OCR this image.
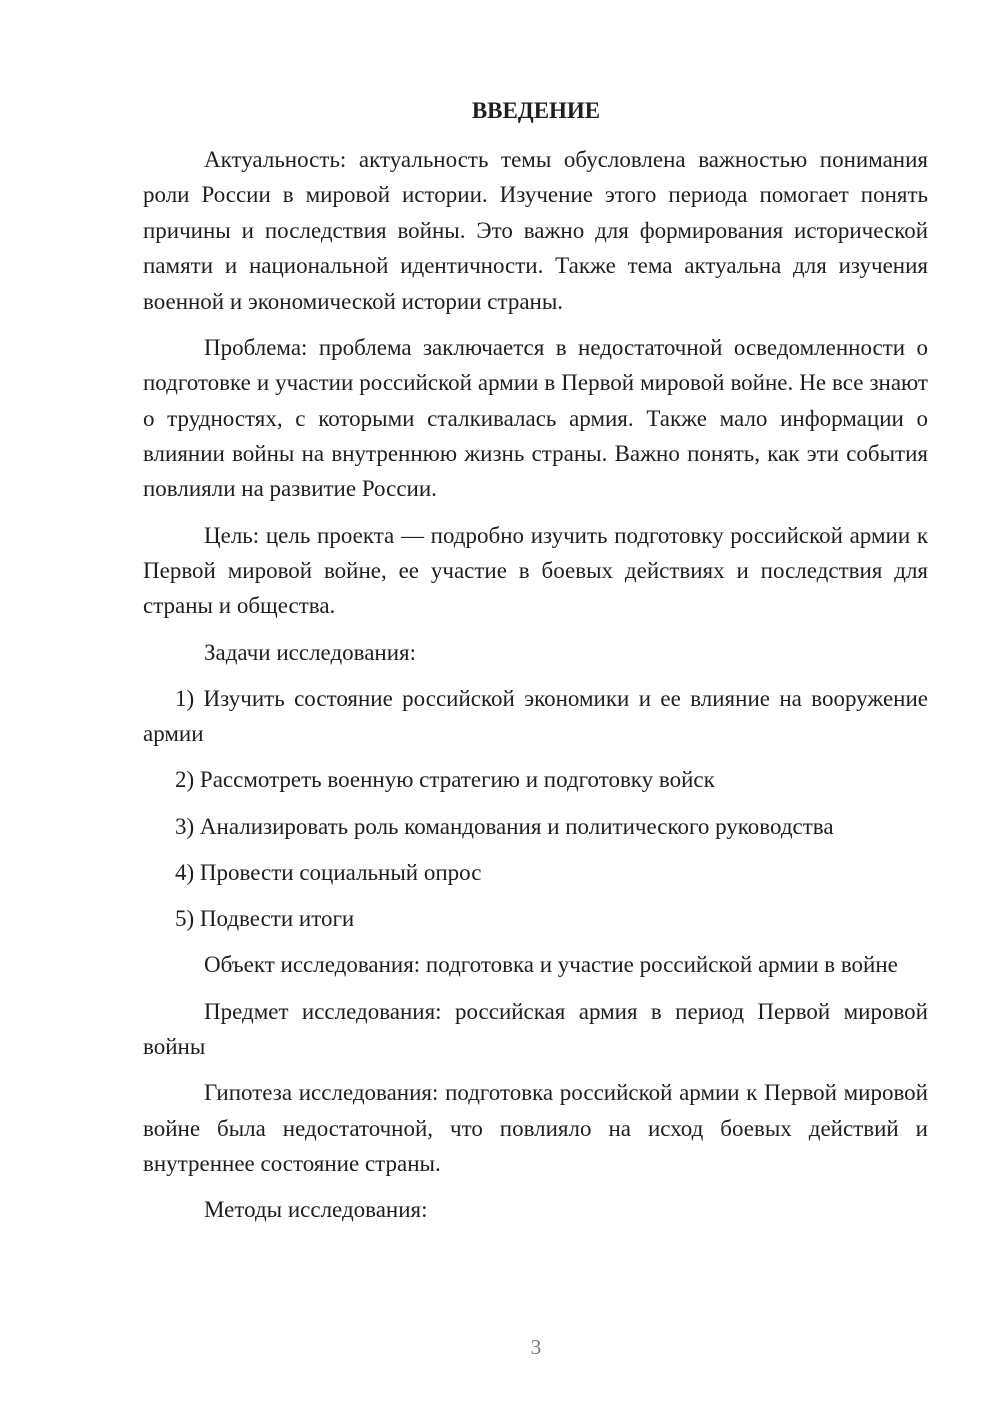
ВВЕДЕНИЕ

Актуальность: актуальность темы обусловлена важностью понимания роли России в мировой истории. Изучение этого периода помогает понять причины и последствия войны. Это важно для формирования исторической памяти и национальной идентичности. Также тема актуальна для изучения военной и экономической истории страны.

Проблема: проблема заключается в недостаточной осведомленности о подготовке и участии российской армии в Первой мировой войне. Не все знают о трудностях, с которыми сталкивалась армия. Также мало информации о влиянии войны на внутреннюю жизнь страны. Важно понять, как эти события повлияли на развитие России.

Цель: цель проекта — подробно изучить подготовку российской армии к Первой мировой войне, ее участие в боевых действиях и последствия для страны и общества.

Задачи исследования:

1) Изучить состояние российской экономики и ее влияние на вооружение армии

2) Рассмотреть военную стратегию и подготовку войск

3) Анализировать роль командования и политического руководства

4) Провести социальный опрос

5) Подвести итоги

Объект исследования: подготовка и участие российской армии в войне

Предмет исследования: российская армия в период Первой мировой войны

Гипотеза исследования: подготовка российской армии к Первой мировой войне была недостаточной, что повлияло на исход боевых действий и внутреннее состояние страны.

Методы исследования:

3
